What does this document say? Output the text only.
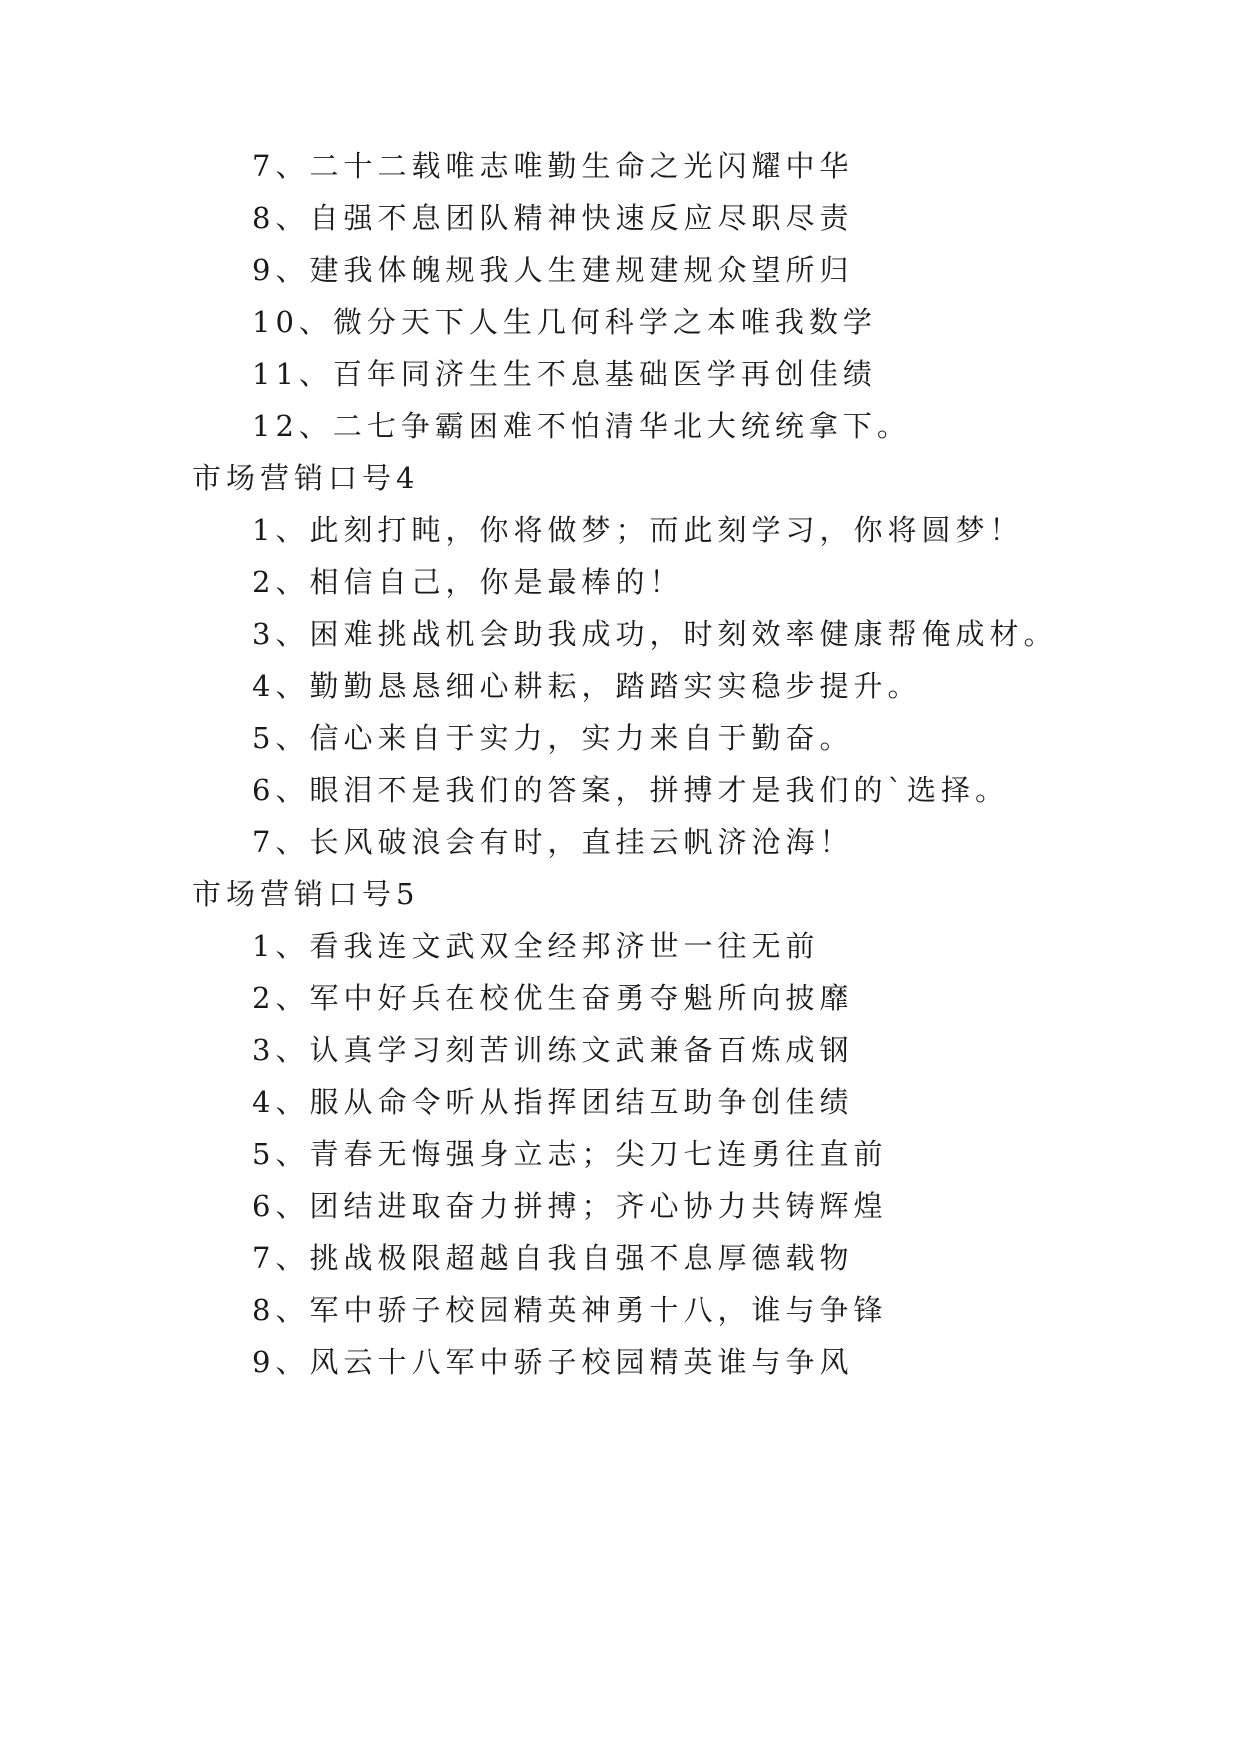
7、二十二载唯志唯勤生命之光闪耀中华
8、自强不息团队精神快速反应尽职尽责
9、建我体魄规我人生建规建规众望所归
10、微分天下人生几何科学之本唯我数学
11、百年同济生生不息基础医学再创佳绩
12、二七争霸困难不怕清华北大统统拿下。
市场营销口号4
1、此刻打盹，你将做梦；而此刻学习，你将圆梦！
2、相信自己，你是最棒的！
3、困难挑战机会助我成功，时刻效率健康帮俺成材。
4、勤勤恳恳细心耕耘，踏踏实实稳步提升。
5、信心来自于实力，实力来自于勤奋。
6、眼泪不是我们的答案，拼搏才是我们的`选择。
7、长风破浪会有时，直挂云帆济沧海！
市场营销口号5
1、看我连文武双全经邦济世一往无前
2、军中好兵在校优生奋勇夺魁所向披靡
3、认真学习刻苦训练文武兼备百炼成钢
4、服从命令听从指挥团结互助争创佳绩
5、青春无悔强身立志；尖刀七连勇往直前
6、团结进取奋力拼搏；齐心协力共铸辉煌
7、挑战极限超越自我自强不息厚德载物
8、军中骄子校园精英神勇十八，谁与争锋
9、风云十八军中骄子校园精英谁与争风
